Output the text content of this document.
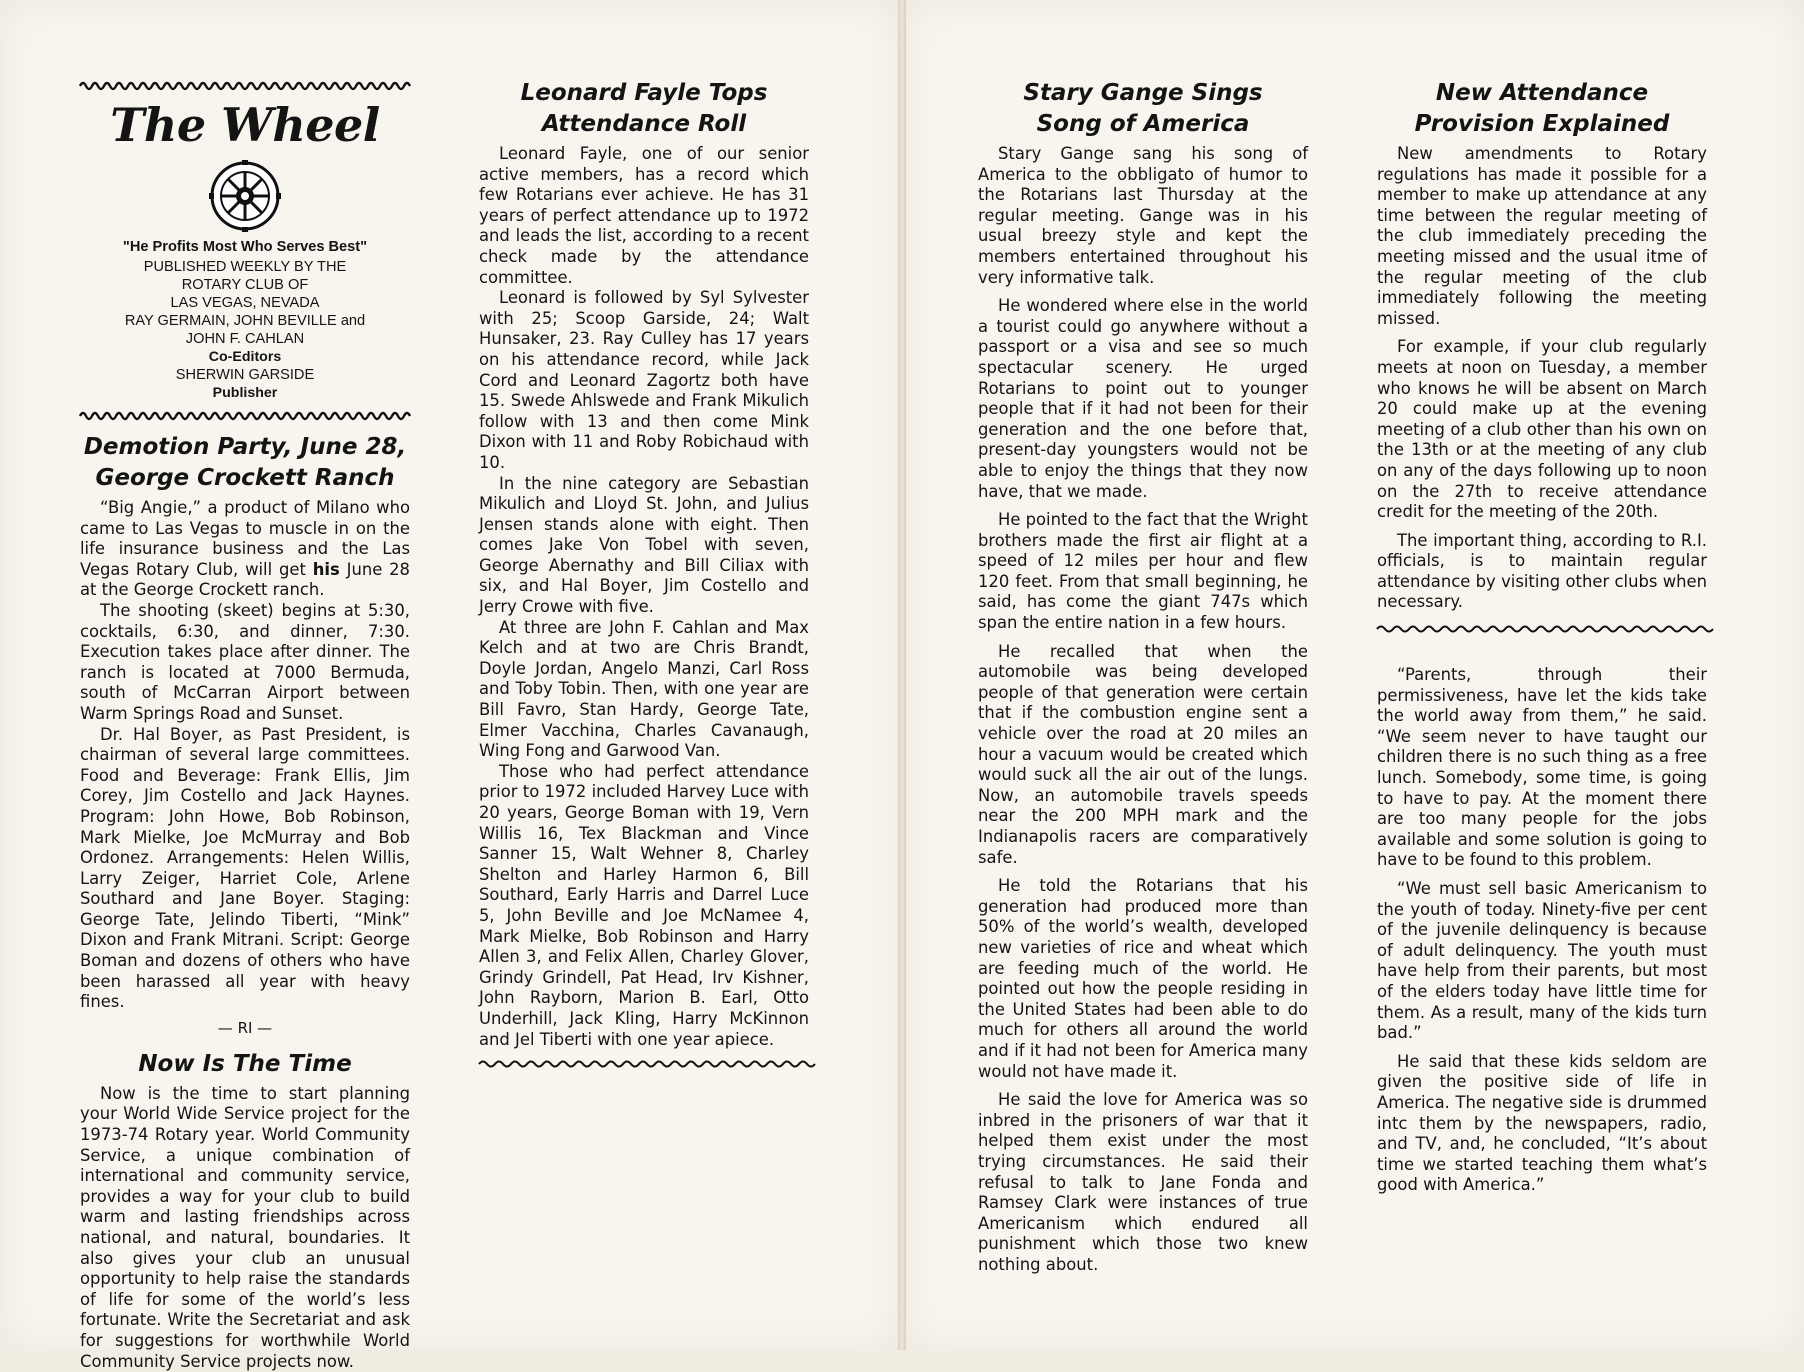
The Wheel
"He Profits Most Who Serves Best"
PUBLISHED WEEKLY BY THE
ROTARY CLUB OF
LAS VEGAS, NEVADA
RAY GERMAIN, JOHN BEVILLE and
JOHN F. CAHLAN
Co-Editors
SHERWIN GARSIDE
Publisher
Demotion Party, June 28,
George Crockett Ranch

“Big Angie,” a product of Milano who came to Las Vegas to muscle in on the life insurance business and the Las Vegas Rotary Club, will get his June 28 at the George Crockett ranch.

The shooting (skeet) begins at 5:30, cocktails, 6:30, and dinner, 7:30. Execution takes place after dinner. The ranch is located at 7000 Bermuda, south of McCarran Airport between Warm Springs Road and Sunset.

Dr. Hal Boyer, as Past President, is chairman of several large committees. Food and Beverage: Frank Ellis, Jim Corey, Jim Costello and Jack Haynes. Program: John Howe, Bob Robinson, Mark Mielke, Joe McMurray and Bob Ordonez. Arrangements: Helen Willis, Larry Zeiger, Harriet Cole, Arlene Southard and Jane Boyer. Staging: George Tate, Jelindo Tiberti, “Mink” Dixon and Frank Mitrani. Script: George Boman and dozens of others who have been harassed all year with heavy fines.

— RI —
Now Is The Time

Now is the time to start planning your World Wide Service project for the 1973-74 Rotary year. World Community Service, a unique combination of international and community service, provides a way for your club to build warm and lasting friendships across national, and natural, boundaries. It also gives your club an unusual opportunity to help raise the standards of life for some of the world’s less fortunate. Write the Secretariat and ask for suggestions for worthwhile World Community Service projects now.

Leonard Fayle Tops
Attendance Roll

Leonard Fayle, one of our senior active members, has a record which few Rotarians ever achieve. He has 31 years of perfect attendance up to 1972 and leads the list, according to a recent check made by the attendance committee.

Leonard is followed by Syl Sylvester with 25; Scoop Garside, 24; Walt Hunsaker, 23. Ray Culley has 17 years on his attendance record, while Jack Cord and Leonard Zagortz both have 15. Swede Ahlswede and Frank Mikulich follow with 13 and then come Mink Dixon with 11 and Roby Robichaud with 10.

In the nine category are Sebastian Mikulich and Lloyd St. John, and Julius Jensen stands alone with eight. Then comes Jake Von Tobel with seven, George Abernathy and Bill Ciliax with six, and Hal Boyer, Jim Costello and Jerry Crowe with five.

At three are John F. Cahlan and Max Kelch and at two are Chris Brandt, Doyle Jordan, Angelo Manzi, Carl Ross and Toby Tobin. Then, with one year are Bill Favro, Stan Hardy, George Tate, Elmer Vacchina, Charles Cavanaugh, Wing Fong and Garwood Van.

Those who had perfect attendance prior to 1972 included Harvey Luce with 20 years, George Boman with 19, Vern Willis 16, Tex Blackman and Vince Sanner 15, Walt Wehner 8, Charley Shelton and Harley Harmon 6, Bill Southard, Early Harris and Darrel Luce 5, John Beville and Joe McNamee 4, Mark Mielke, Bob Robinson and Harry Allen 3, and Felix Allen, Charley Glover, Grindy Grindell, Pat Head, Irv Kishner, John Rayborn, Marion B. Earl, Otto Underhill, Jack Kling, Harry McKinnon and Jel Tiberti with one year apiece.

Stary Gange Sings
Song of America

Stary Gange sang his song of America to the obbligato of humor to the Rotarians last Thursday at the regular meeting. Gange was in his usual breezy style and kept the members entertained throughout his very informative talk.

He wondered where else in the world a tourist could go anywhere without a passport or a visa and see so much spectacular scenery. He urged Rotarians to point out to younger people that if it had not been for their generation and the one before that, present-day youngsters would not be able to enjoy the things that they now have, that we made.

He pointed to the fact that the Wright brothers made the first air flight at a speed of 12 miles per hour and flew 120 feet. From that small beginning, he said, has come the giant 747s which span the entire nation in a few hours.

He recalled that when the automobile was being developed people of that generation were certain that if the combustion engine sent a vehicle over the road at 20 miles an hour a vacuum would be created which would suck all the air out of the lungs. Now, an automobile travels speeds near the 200 MPH mark and the Indianapolis racers are comparatively safe.

He told the Rotarians that his generation had produced more than 50% of the world’s wealth, developed new varieties of rice and wheat which are feeding much of the world. He pointed out how the people residing in the United States had been able to do much for others all around the world and if it had not been for America many would not have made it.

He said the love for America was so inbred in the prisoners of war that it helped them exist under the most trying circumstances. He said their refusal to talk to Jane Fonda and Ramsey Clark were instances of true Americanism which endured all punishment which those two knew nothing about.

New Attendance
Provision Explained

New amendments to Rotary regulations has made it possible for a member to make up attendance at any time between the regular meeting of the club immediately preceding the meeting missed and the usual itme of the regular meeting of the club immediately following the meeting missed.

For example, if your club regularly meets at noon on Tuesday, a member who knows he will be absent on March 20 could make up at the evening meeting of a club other than his own on the 13th or at the meeting of any club on any of the days following up to noon on the 27th to receive attendance credit for the meeting of the 20th.

The important thing, according to R.I. officials, is to maintain regular attendance by visiting other clubs when necessary.

“Parents, through their permissiveness, have let the kids take the world away from them,” he said. “We seem never to have taught our children there is no such thing as a free lunch. Somebody, some time, is going to have to pay. At the moment there are too many people for the jobs available and some solution is going to have to be found to this problem.

“We must sell basic Americanism to the youth of today. Ninety-five per cent of the juvenile delinquency is because of adult delinquency. The youth must have help from their parents, but most of the elders today have little time for them. As a result, many of the kids turn bad.”

He said that these kids seldom are given the positive side of life in America. The negative side is drummed intc them by the newspapers, radio, and TV, and, he concluded, “It’s about time we started teaching them what’s good with America.”
